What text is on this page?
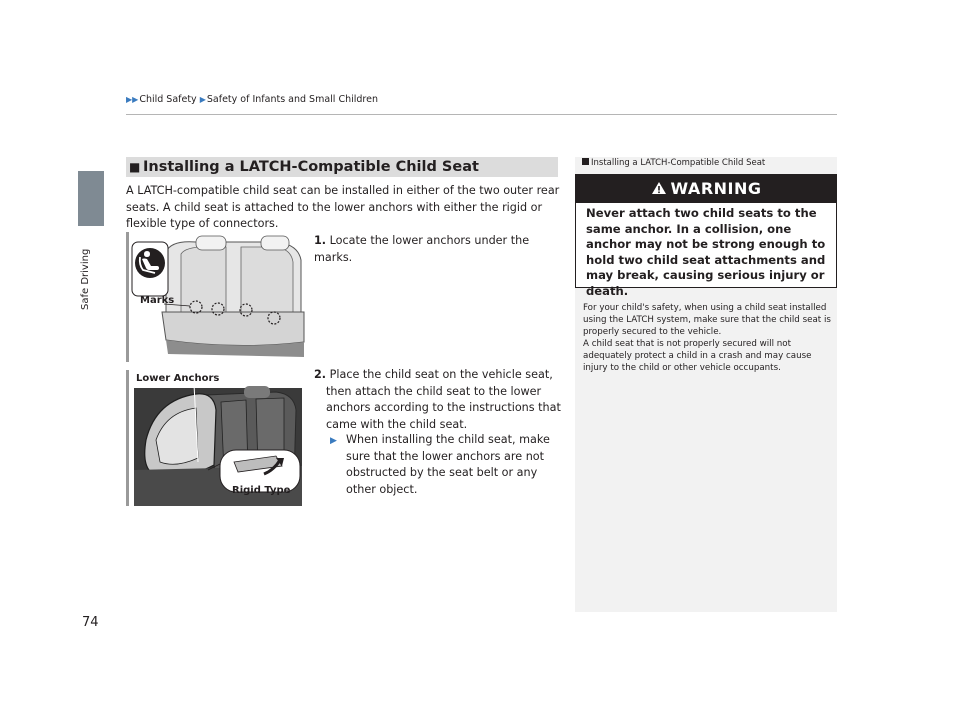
▶▶Child Safety ▶Safety of Infants and Small Children
Safe Driving
74
■ Installing a LATCH-Compatible Child Seat
A LATCH-compatible child seat can be installed in either of the two outer rear seats. A child seat is attached to the lower anchors with either the rigid or flexible type of connectors.
Marks
Lower Anchors
Rigid Type
1. Locate the lower anchors under the marks.
2. Place the child seat on the vehicle seat, then attach the child seat to the lower anchors according to the instructions that came with the child seat.
▶ When installing the child seat, make sure that the lower anchors are not obstructed by the seat belt or any other object.
Installing a LATCH-Compatible Child Seat
WARNING
Never attach two child seats to the same anchor. In a collision, one anchor may not be strong enough to hold two child seat attachments and may break, causing serious injury or death.

For your child's safety, when using a child seat installed using the LATCH system, make sure that the child seat is properly secured to the vehicle.

A child seat that is not properly secured will not adequately protect a child in a crash and may cause injury to the child or other vehicle occupants.
